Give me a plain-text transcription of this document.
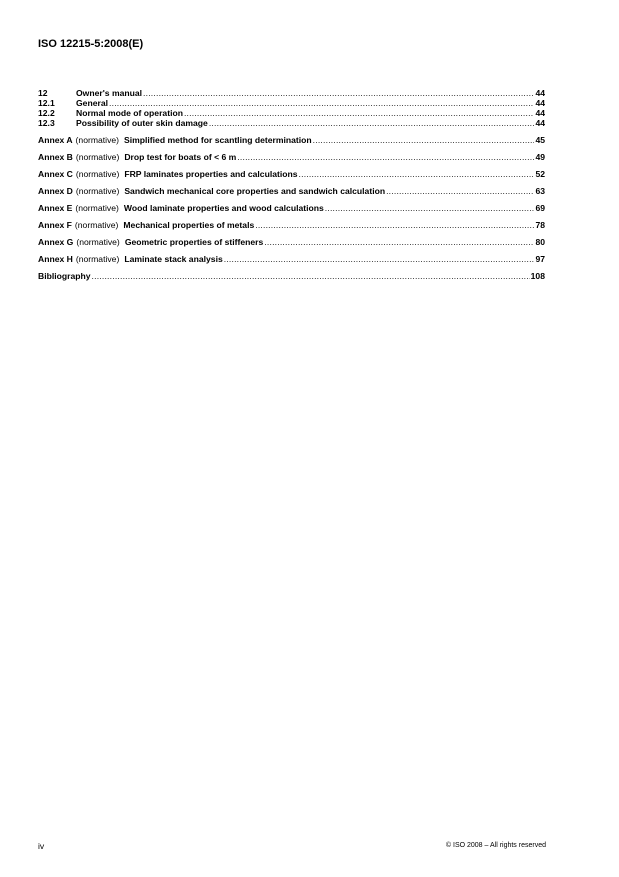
ISO 12215-5:2008(E)
12	Owner's manual .....	44
12.1	General .....	44
12.2	Normal mode of operation .....	44
12.3	Possibility of outer skin damage .....	44
Annex A (normative) Simplified method for scantling determination .....	45
Annex B (normative) Drop test for boats of < 6 m .....	49
Annex C (normative) FRP laminates properties and calculations .....	52
Annex D (normative) Sandwich mechanical core properties and sandwich calculation .....	63
Annex E (normative) Wood laminate properties and wood calculations .....	69
Annex F (normative) Mechanical properties of metals .....	78
Annex G (normative) Geometric properties of stiffeners .....	80
Annex H (normative) Laminate stack analysis .....	97
Bibliography .....	108
iv	© ISO 2008 – All rights reserved
